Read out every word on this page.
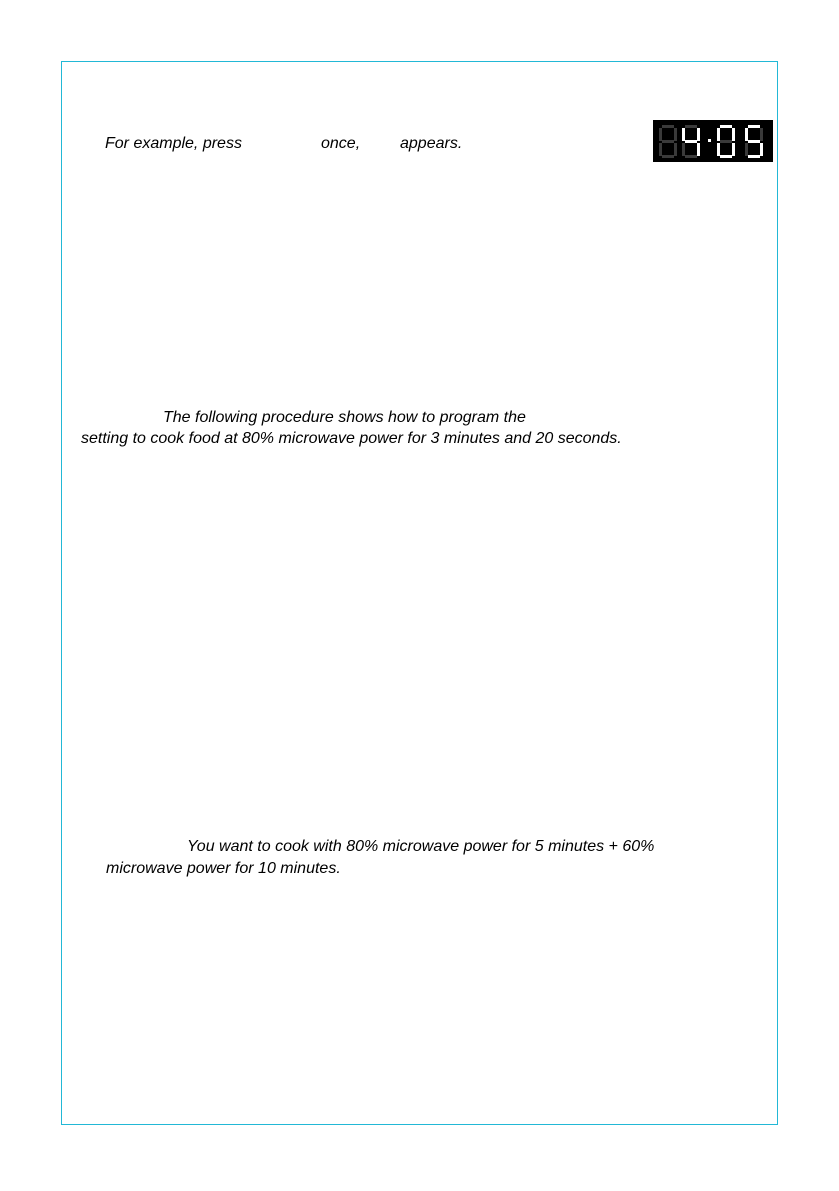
For example, press	once, appears.
The following procedure shows how to program the
setting to cook food at 80% microwave power for 3 minutes and 20 seconds.
You want to cook with 80% microwave power for 5 minutes + 60%
microwave power for 10 minutes.
